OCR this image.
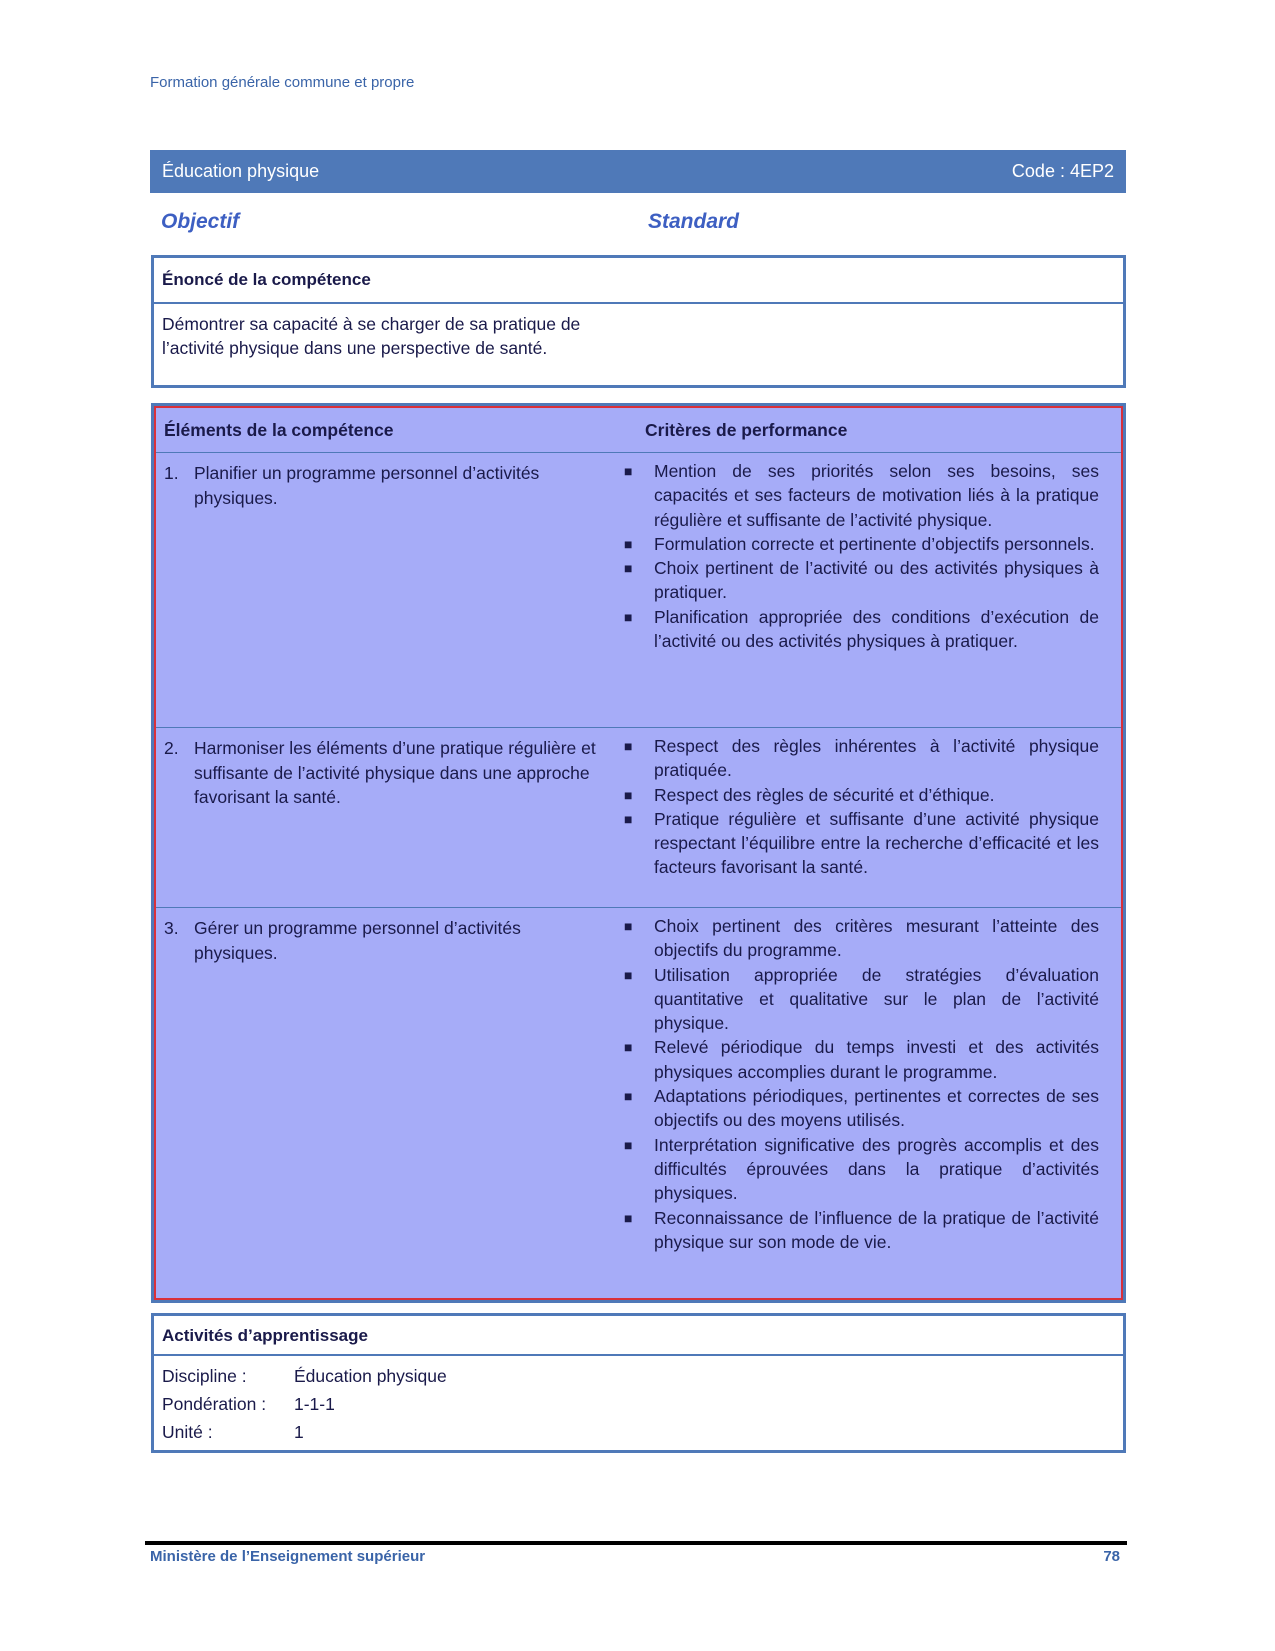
Formation générale commune et propre
Éducation physique	Code : 4EP2
Objectif	Standard
Énoncé de la compétence
Démontrer sa capacité à se charger de sa pratique de l’activité physique dans une perspective de santé.
Éléments de la compétence	Critères de performance
1. Planifier un programme personnel d’activités physiques.
■	Mention de ses priorités selon ses besoins, ses capacités et ses facteurs de motivation liés à la pratique régulière et suffisante de l’activité physique.
■	Formulation correcte et pertinente d’objectifs personnels.
■	Choix pertinent de l’activité ou des activités physiques à pratiquer.
■	Planification appropriée des conditions d’exécution de l’activité ou des activités physiques à pratiquer.
2. Harmoniser les éléments d’une pratique régulière et suffisante de l’activité physique dans une approche favorisant la santé.
■	Respect des règles inhérentes à l’activité physique pratiquée.
■	Respect des règles de sécurité et d’éthique.
■	Pratique régulière et suffisante d’une activité physique respectant l’équilibre entre la recherche d’efficacité et les facteurs favorisant la santé.
3. Gérer un programme personnel d’activités physiques.
■	Choix pertinent des critères mesurant l’atteinte des objectifs du programme.
■	Utilisation appropriée de stratégies d’évaluation quantitative et qualitative sur le plan de l’activité physique.
■	Relevé périodique du temps investi et des activités physiques accomplies durant le programme.
■	Adaptations périodiques, pertinentes et correctes de ses objectifs ou des moyens utilisés.
■	Interprétation significative des progrès accomplis et des difficultés éprouvées dans la pratique d’activités physiques.
■	Reconnaissance de l’influence de la pratique de l’activité physique sur son mode de vie.
Activités d’apprentissage
Discipline :	Éducation physique
Pondération :	1-1-1
Unité :	1
Ministère de l’Enseignement supérieur	78
